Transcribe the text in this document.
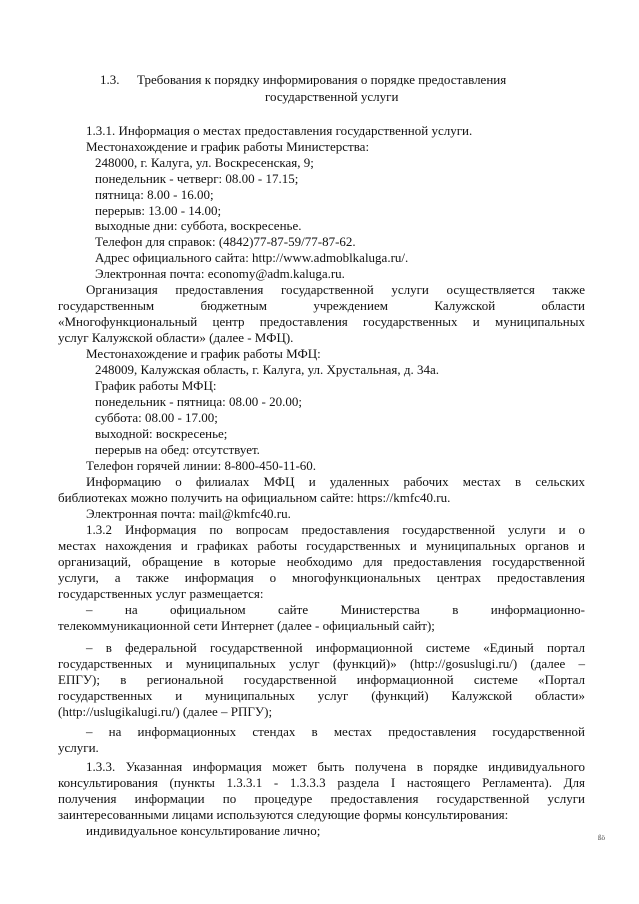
1.3. Требования к порядку информирования о порядке предоставления
государственной услуги
1.3.1. Информация о местах предоставления государственной услуги.
Местонахождение и график работы Министерства:
248000, г. Калуга, ул. Воскресенская, 9;
понедельник - четверг: 08.00 - 17.15;
пятница: 8.00 - 16.00;
перерыв: 13.00 - 14.00;
выходные дни: суббота, воскресенье.
Телефон для справок: (4842)77-87-59/77-87-62.
Адрес официального сайта: http://www.admoblkaluga.ru/.
Электронная почта: economy@adm.kaluga.ru.
Организация предоставления государственной услуги осуществляется также
государственным бюджетным учреждением Калужской области
«Многофункциональный центр предоставления государственных и муниципальных
услуг Калужской области» (далее - МФЦ).
Местонахождение и график работы МФЦ:
248009, Калужская область, г. Калуга, ул. Хрустальная, д. 34а.
График работы МФЦ:
понедельник - пятница: 08.00 - 20.00;
суббота: 08.00 - 17.00;
выходной: воскресенье;
перерыв на обед: отсутствует.
Телефон горячей линии: 8-800-450-11-60.
Информацию о филиалах МФЦ и удаленных рабочих местах в сельских
библиотеках можно получить на официальном сайте: https://kmfc40.ru.
Электронная почта: mail@kmfc40.ru.
1.3.2 Информация по вопросам предоставления государственной услуги и о
местах нахождения и графиках работы государственных и муниципальных органов и
организаций, обращение в которые необходимо для предоставления государственной
услуги, а также информация о многофункциональных центрах предоставления
государственных услуг размещается:
– на официальном сайте Министерства в информационно-
телекоммуникационной сети Интернет (далее - официальный сайт);
– в федеральной государственной информационной системе «Единый портал
государственных и муниципальных услуг (функций)» (http://gosuslugi.ru/) (далее –
ЕПГУ); в региональной государственной информационной системе «Портал
государственных и муниципальных услуг (функций) Калужской области»
(http://uslugikalugi.ru/) (далее – РПГУ);
– на информационных стендах в местах предоставления государственной
услуги.
1.3.3. Указанная информация может быть получена в порядке индивидуального
консультирования (пункты 1.3.3.1 - 1.3.3.3 раздела I настоящего Регламента). Для
получения информации по процедуре предоставления государственной услуги
заинтересованными лицами используются следующие формы консультирования:
индивидуальное консультирование лично;	ßö
